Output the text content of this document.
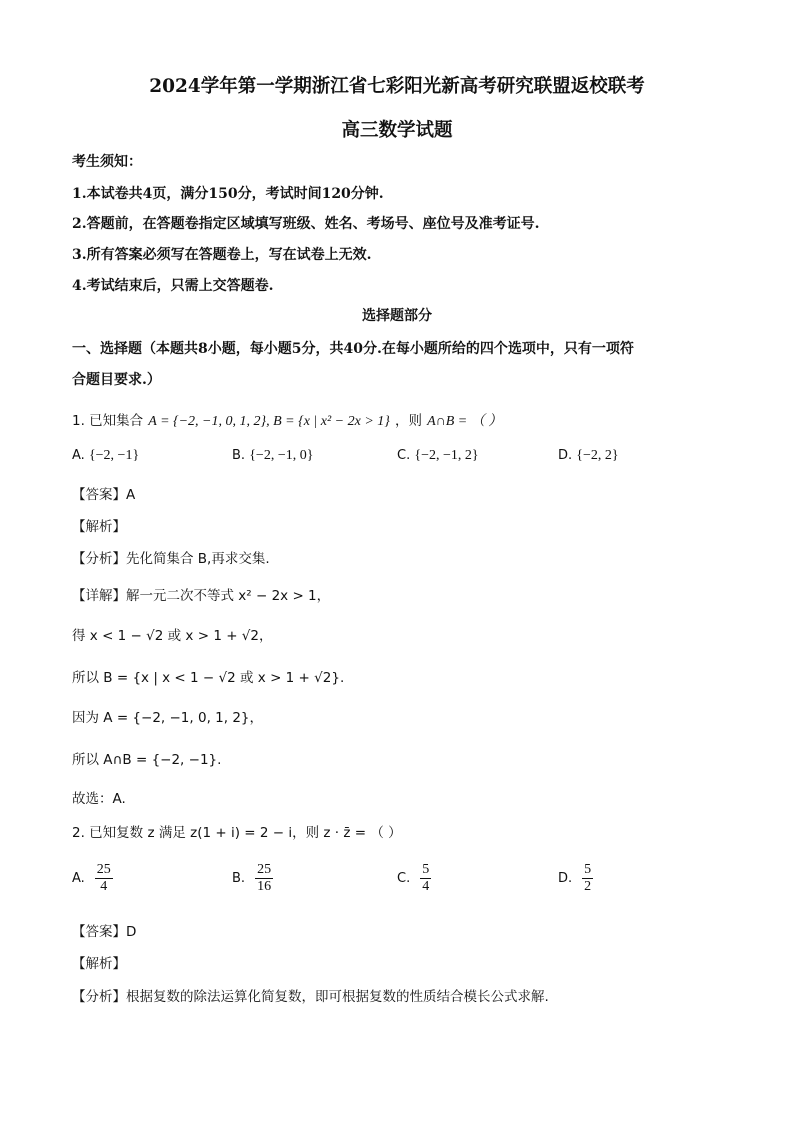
2024学年第一学期浙江省七彩阳光新高考研究联盟返校联考
高三数学试题
考生须知：
1.本试卷共4页，满分150分，考试时间120分钟.
2.答题前，在答题卷指定区域填写班级、姓名、考场号、座位号及准考证号.
3.所有答案必须写在答题卷上，写在试卷上无效.
4.考试结束后，只需上交答题卷.
选择题部分
一、选择题（本题共8小题，每小题5分，共40分.在每小题所给的四个选项中，只有一项符
合题目要求.）
1. 已知集合 A = {−2, −1, 0, 1, 2}, B = {x | x² − 2x > 1} ，则 A∩B = （ ）
A. {−2, −1}	B. {−2, −1, 0}	C. {−2, −1, 2}	D. {−2, 2}
【答案】A
【解析】
【分析】先化简集合 B,再求交集.
【详解】解一元二次不等式 x² − 2x > 1，
得 x < 1 − √2 或 x > 1 + √2，
所以 B = {x | x < 1 − √2 或 x > 1 + √2}.
因为 A = {−2, −1, 0, 1, 2}，
所以 A∩B = {−2, −1}.
故选：A.
2. 已知复数 z 满足 z(1 + i) = 2 − i，则 z · z̄ = （ ）
A. $\frac{25}{4}$	B. $\frac{25}{16}$	C. $\frac{5}{4}$	D. $\frac{5}{2}$
【答案】D
【解析】
【分析】根据复数的除法运算化简复数，即可根据复数的性质结合模长公式求解.
